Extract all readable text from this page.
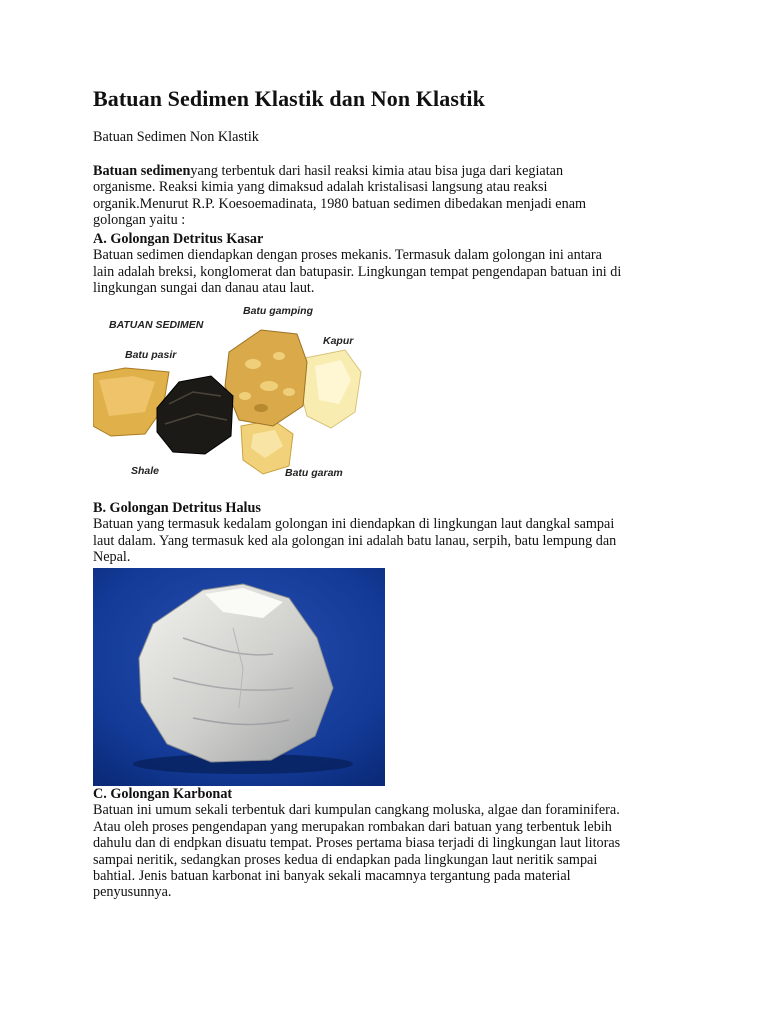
Batuan Sedimen Klastik dan Non Klastik
Batuan Sedimen Non Klastik
Batuan sedimenyang terbentuk dari hasil reaksi kimia atau bisa juga dari kegiatan
organisme. Reaksi kimia yang dimaksud adalah kristalisasi langsung atau reaksi
organik.Menurut R.P. Koesoemadinata, 1980 batuan sedimen dibedakan menjadi enam
golongan yaitu :
A. Golongan Detritus Kasar
Batuan sedimen diendapkan dengan proses mekanis. Termasuk dalam golongan ini antara
lain adalah breksi, konglomerat dan batupasir. Lingkungan tempat pengendapan batuan ini di
lingkungan sungai dan danau atau laut.
BATUAN SEDIMEN
Batu gamping
Kapur
Batu pasir
Shale	Batu garam
B. Golongan Detritus Halus
Batuan yang termasuk kedalam golongan ini diendapkan di lingkungan laut dangkal sampai
laut dalam. Yang termasuk ked ala golongan ini adalah batu lanau, serpih, batu lempung dan
Nepal.
C. Golongan Karbonat
Batuan ini umum sekali terbentuk dari kumpulan cangkang moluska, algae dan foraminifera.
Atau oleh proses pengendapan yang merupakan rombakan dari batuan yang terbentuk lebih
dahulu dan di endpkan disuatu tempat. Proses pertama biasa terjadi di lingkungan laut litoras
sampai neritik, sedangkan proses kedua di endapkan pada lingkungan laut neritik sampai
bahtial. Jenis batuan karbonat ini banyak sekali macamnya tergantung pada material
penyusunnya.
